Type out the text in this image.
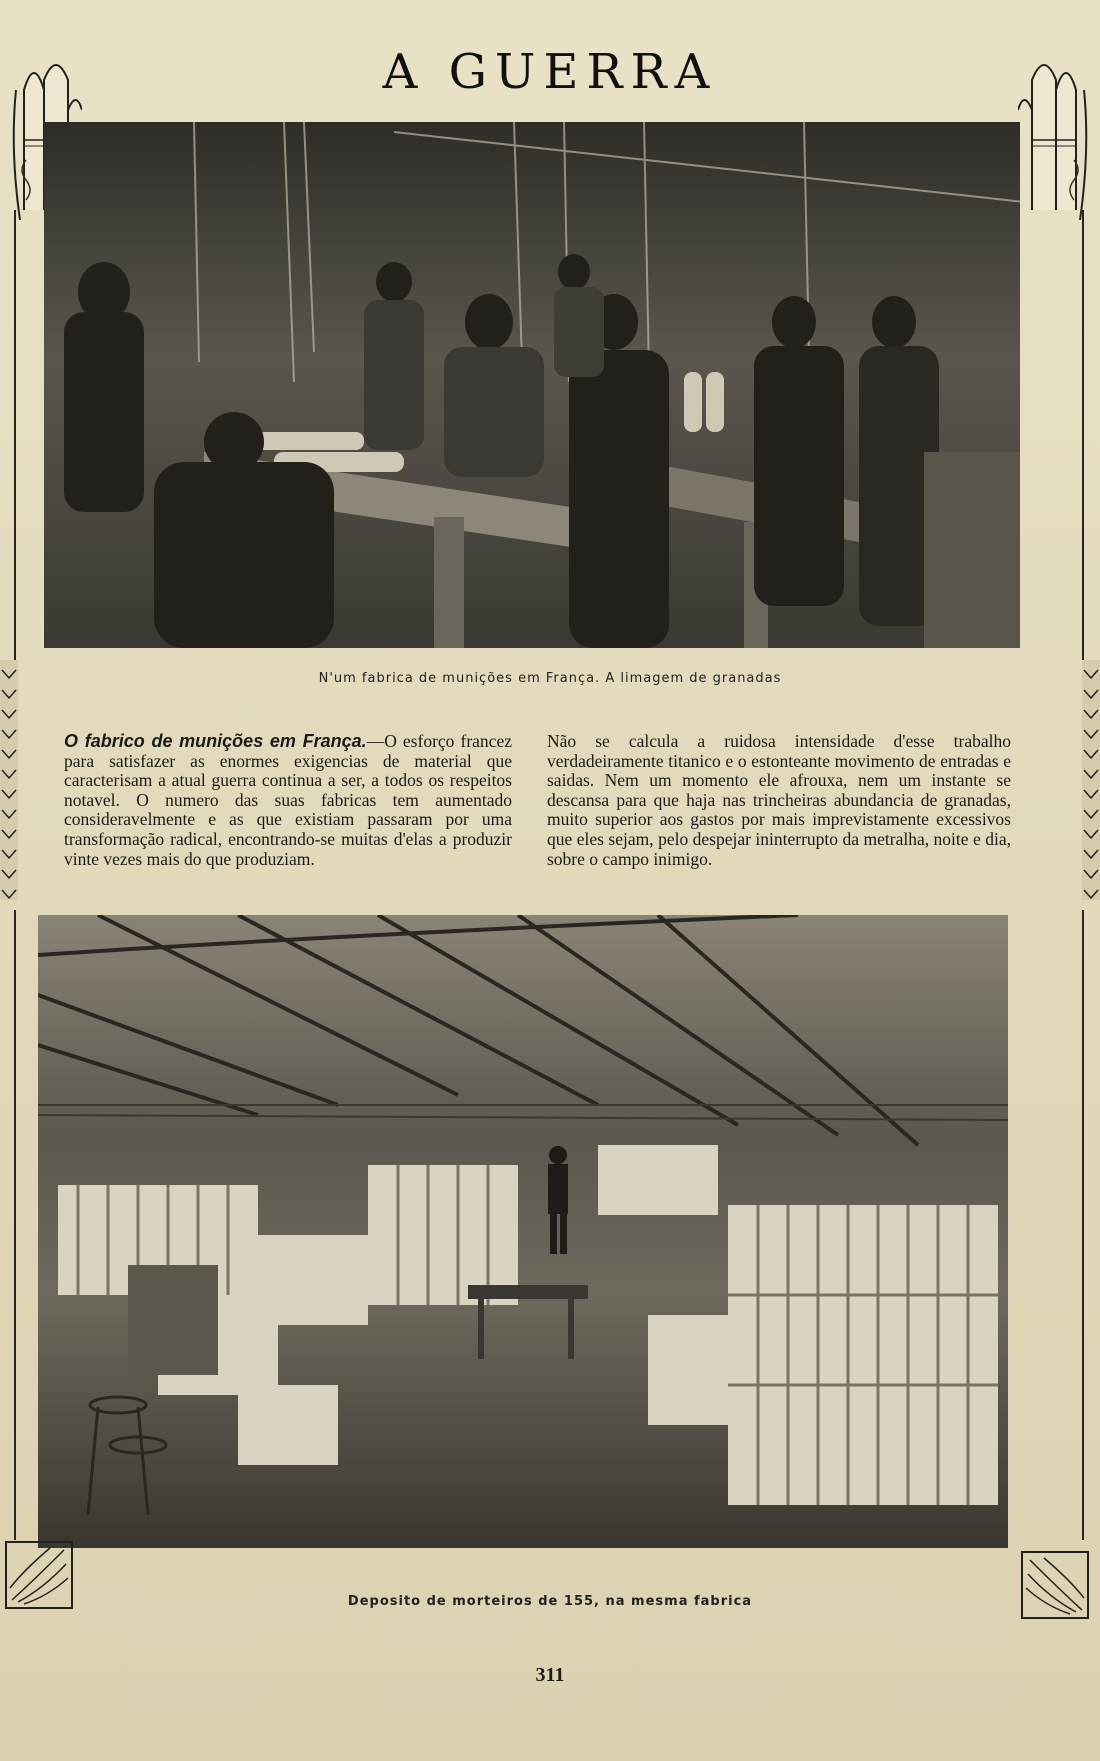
A GUERRA
N'um fabrica de munições em França. A limagem de granadas
O fabrico de munições em França.—O esforço francez para satisfazer as enormes exigencias de material que caracterisam a atual guerra continua a ser, a todos os respeitos notavel. O numero das suas fabricas tem aumentado consideravelmente e as que existiam passaram por uma transformação radical, encontrando-se muitas d'elas a produzir vinte vezes mais do que produziam.
Não se calcula a ruidosa intensidade d'esse trabalho verdadeiramente titanico e o estonteante movimento de entradas e saidas. Nem um momento ele afrouxa, nem um instante se descansa para que haja nas trincheiras abundancia de granadas, muito superior aos gastos por mais imprevistamente excessivos que eles sejam, pelo despejar ininterrupto da metralha, noite e dia, sobre o campo inimigo.
Deposito de morteiros de 155, na mesma fabrica
311
